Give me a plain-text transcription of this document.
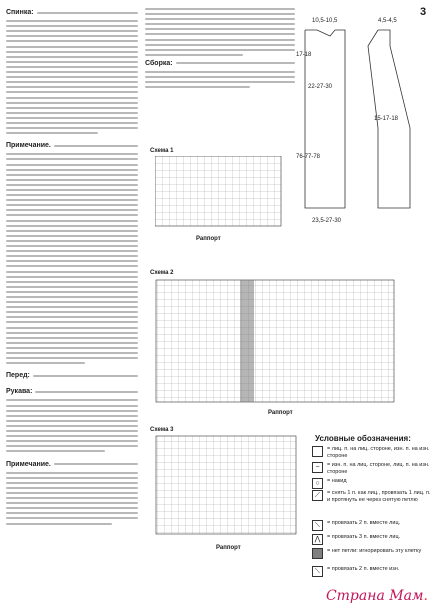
3
Спинка:
Примечание.
Перед:
Рукава:
Примечание.
Сборка:
10,5-10,5	4,5-4,5
17-18
76-77-78
22-27-30
15-17-18
23,5-27-30
Схема 1
Раппорт
Схема 2
Раппорт
Схема 3
Раппорт
Условные обозначения:
= лиц. п. на лиц. стороне, изн. п. на изн. стороне
−	= изн. п. на лиц. стороне, лиц. п. на изн. стороне
○	= накид
⟋	= снять 1 п. как лиц., провязать 1 лиц. п. и протянуть ее через снятую петлю
⟍	= провязать 2 п. вместе лиц.
⋀	= провязать 3 п. вместе лиц.
= нет петли: игнорировать эту клетку
⟍	= провязать 2 п. вместе изн.
Страна Мам.
